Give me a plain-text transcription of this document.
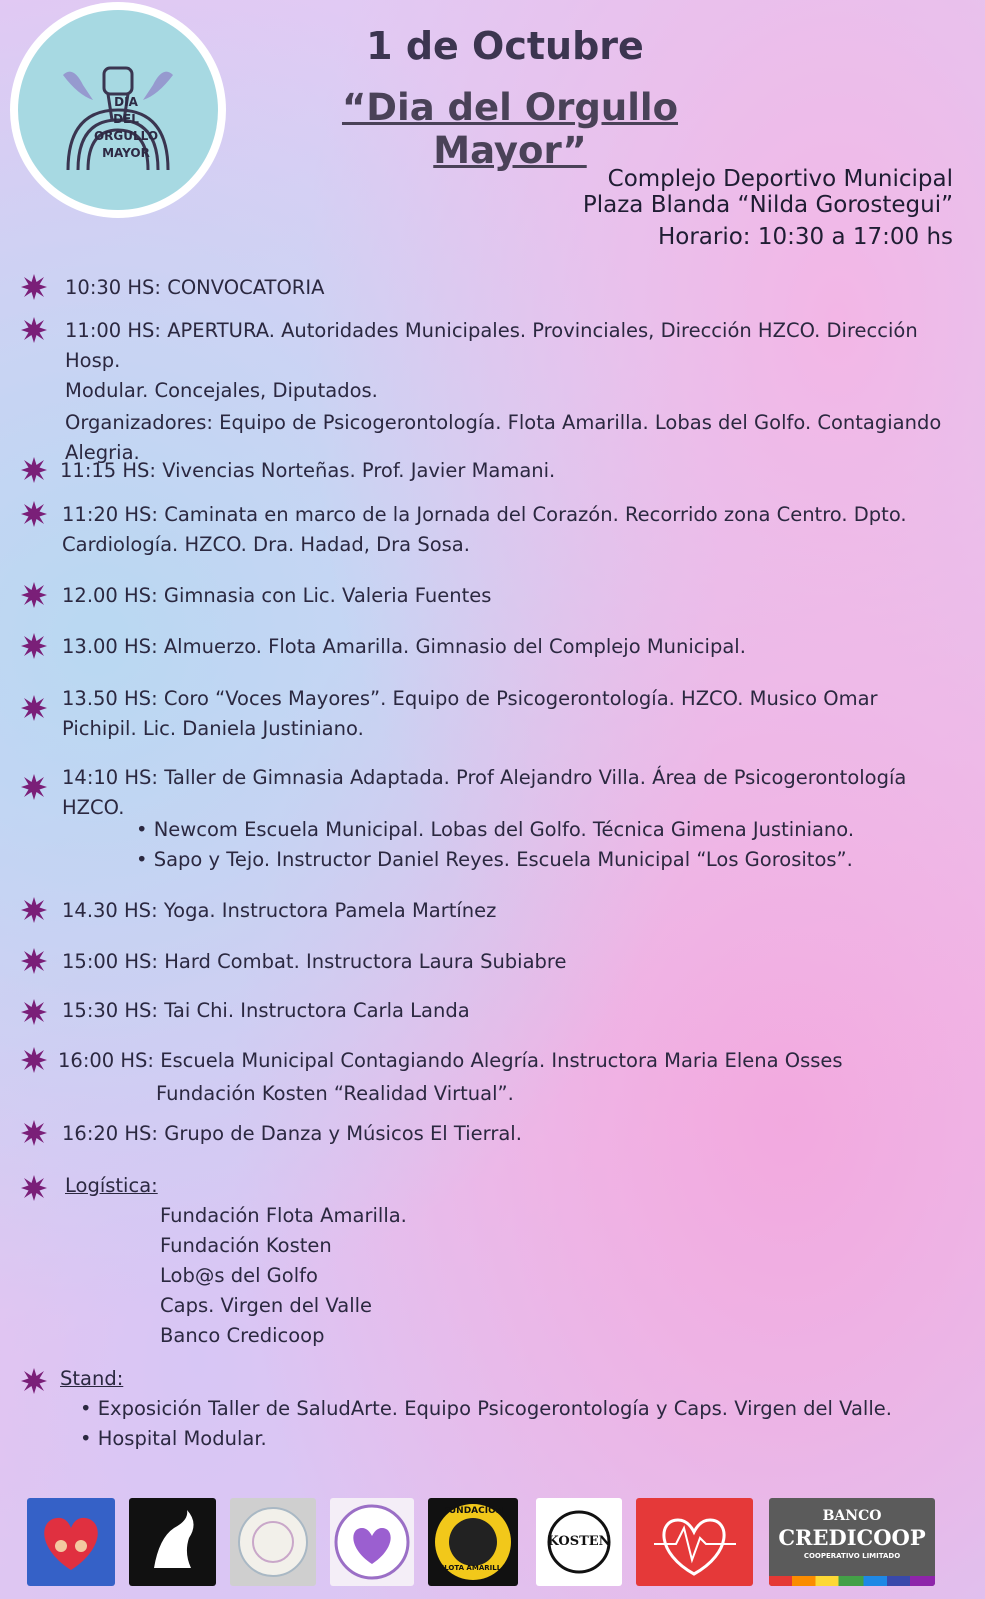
DIA
DEL
ORGULLO
MAYOR
1 de Octubre
“Dia del Orgullo Mayor”
Complejo Deportivo Municipal
Plaza Blanda “Nilda Gorostegui”
Horario: 10:30 a 17:00 hs
10:30 HS: CONVOCATORIA
11:00 HS: APERTURA. Autoridades Municipales. Provinciales, Dirección HZCO. Dirección Hosp.
Modular. Concejales, Diputados.
Organizadores: Equipo de Psicogerontología. Flota Amarilla. Lobas del Golfo. Contagiando
Alegria.
11:15 HS: Vivencias Norteñas. Prof. Javier Mamani.
11:20 HS: Caminata en marco de la Jornada del Corazón. Recorrido zona Centro. Dpto.
Cardiología. HZCO. Dra. Hadad, Dra Sosa.
12.00 HS: Gimnasia con Lic. Valeria Fuentes
13.00 HS: Almuerzo. Flota Amarilla. Gimnasio del Complejo Municipal.
13.50 HS: Coro “Voces Mayores”. Equipo de Psicogerontología. HZCO. Musico Omar
Pichipil. Lic. Daniela Justiniano.
14:10 HS: Taller de Gimnasia Adaptada. Prof Alejandro Villa. Área de Psicogerontología
HZCO.
• Newcom Escuela Municipal. Lobas del Golfo. Técnica Gimena Justiniano.
• Sapo y Tejo. Instructor Daniel Reyes. Escuela Municipal “Los Gorositos”.
14.30 HS: Yoga. Instructora Pamela Martínez
15:00 HS: Hard Combat. Instructora Laura Subiabre
15:30 HS: Tai Chi. Instructora Carla Landa
16:00 HS: Escuela Municipal Contagiando Alegría. Instructora Maria Elena Osses
Fundación Kosten “Realidad Virtual”.
16:20 HS: Grupo de Danza y Músicos El Tierral.
Logística:
Fundación Flota Amarilla.
Fundación Kosten
Lob@s del Golfo
Caps. Virgen del Valle
Banco Credicoop
Stand:
• Exposición Taller de SaludArte. Equipo Psicogerontología y Caps. Virgen del Valle.
• Hospital Modular.
FUNDACION
FLOTA AMARILLA
KOSTEN
BANCO
CREDICOOP
COOPERATIVO LIMITADO
